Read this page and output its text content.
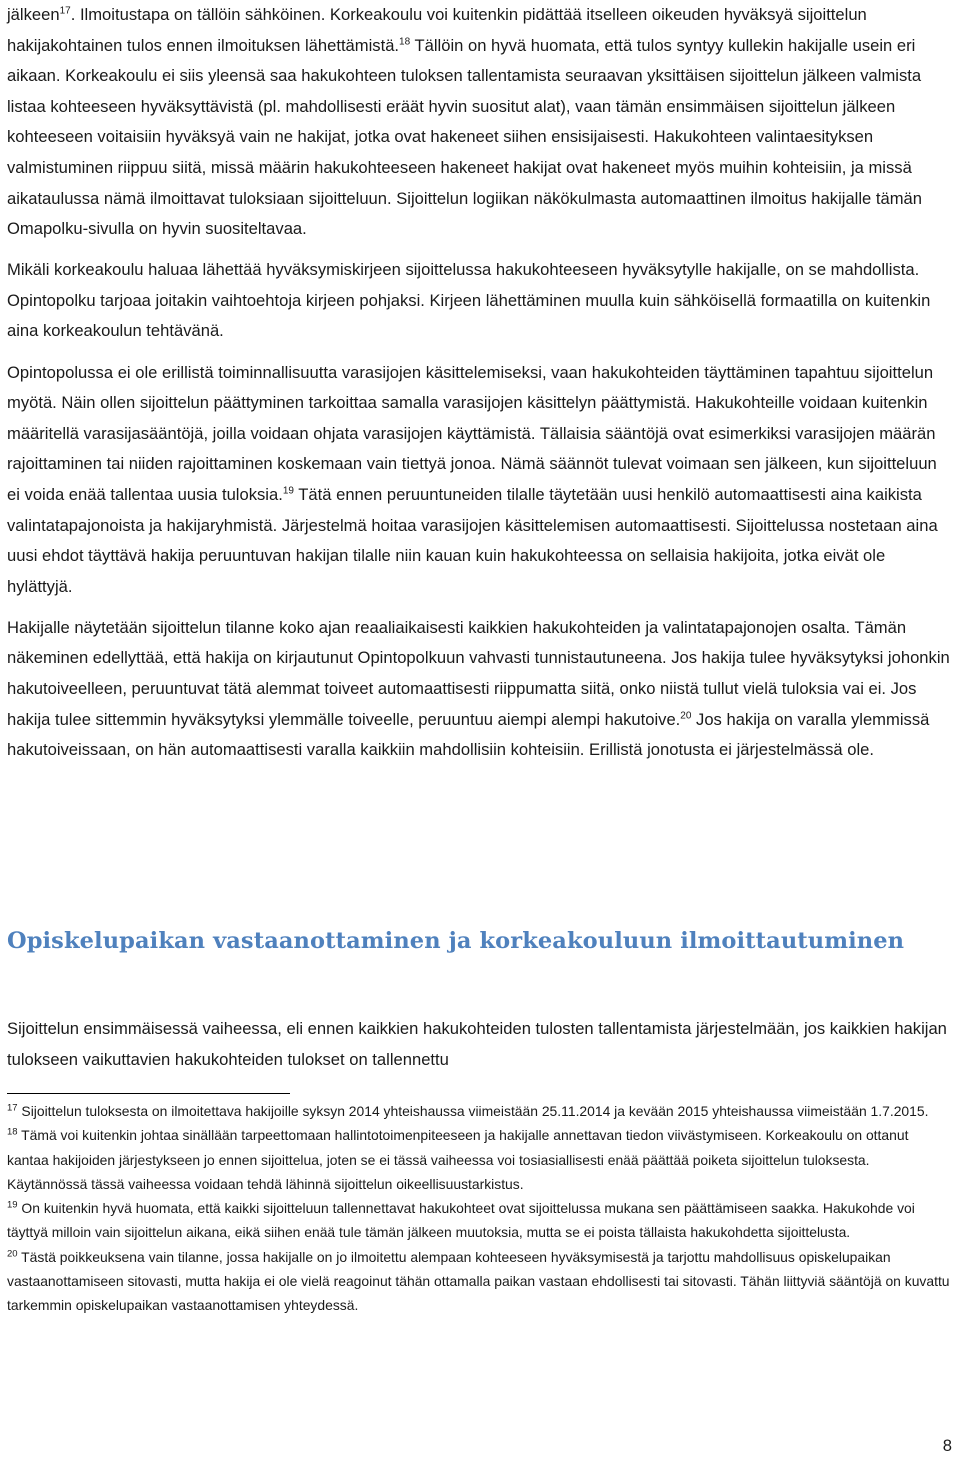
jälkeen$^{17}$. Ilmoitustapa on tällöin sähköinen. Korkeakoulu voi kuitenkin pidättää itselleen oikeuden hyväksyä sijoittelun hakijakohtainen tulos ennen ilmoituksen lähettämistä.$^{18}$ Tällöin on hyvä huomata, että tulos syntyy kullekin hakijalle usein eri aikaan. Korkeakoulu ei siis yleensä saa hakukohteen tuloksen tallentamista seuraavan yksittäisen sijoittelun jälkeen valmista listaa kohteeseen hyväksyttävistä (pl. mahdollisesti eräät hyvin suositut alat), vaan tämän ensimmäisen sijoittelun jälkeen kohteeseen voitaisiin hyväksyä vain ne hakijat, jotka ovat hakeneet siihen ensisijaisesti. Hakukohteen valintaesityksen valmistuminen riippuu siitä, missä määrin hakukohteeseen hakeneet hakijat ovat hakeneet myös muihin kohteisiin, ja missä aikataulussa nämä ilmoittavat tuloksiaan sijoitteluun. Sijoittelun logiikan näkökulmasta automaattinen ilmoitus hakijalle tämän Omapolku-sivulla on hyvin suositeltavaa.

Mikäli korkeakoulu haluaa lähettää hyväksymiskirjeen sijoittelussa hakukohteeseen hyväksytylle hakijalle, on se mahdollista. Opintopolku tarjoaa joitakin vaihtoehtoja kirjeen pohjaksi. Kirjeen lähettäminen muulla kuin sähköisellä formaatilla on kuitenkin aina korkeakoulun tehtävänä.

Opintopolussa ei ole erillistä toiminnallisuutta varasijojen käsittelemiseksi, vaan hakukohteiden täyttäminen tapahtuu sijoittelun myötä. Näin ollen sijoittelun päättyminen tarkoittaa samalla varasijojen käsittelyn päättymistä. Hakukohteille voidaan kuitenkin määritellä varasijasääntöjä, joilla voidaan ohjata varasijojen käyttämistä. Tällaisia sääntöjä ovat esimerkiksi varasijojen määrän rajoittaminen tai niiden rajoittaminen koskemaan vain tiettyä jonoa. Nämä säännöt tulevat voimaan sen jälkeen, kun sijoitteluun ei voida enää tallentaa uusia tuloksia.$^{19}$ Tätä ennen peruuntuneiden tilalle täytetään uusi henkilö automaattisesti aina kaikista valintatapajonoista ja hakijaryhmistä. Järjestelmä hoitaa varasijojen käsittelemisen automaattisesti. Sijoittelussa nostetaan aina uusi ehdot täyttävä hakija peruuntuvan hakijan tilalle niin kauan kuin hakukohteessa on sellaisia hakijoita, jotka eivät ole hylättyjä.

Hakijalle näytetään sijoittelun tilanne koko ajan reaaliaikaisesti kaikkien hakukohteiden ja valintatapajonojen osalta. Tämän näkeminen edellyttää, että hakija on kirjautunut Opintopolkuun vahvasti tunnistautuneena. Jos hakija tulee hyväksytyksi johonkin hakutoiveelleen, peruuntuvat tätä alemmat toiveet automaattisesti riippumatta siitä, onko niistä tullut vielä tuloksia vai ei. Jos hakija tulee sittemmin hyväksytyksi ylemmälle toiveelle, peruuntuu aiempi alempi hakutoive.$^{20}$ Jos hakija on varalla ylemmissä hakutoiveissaan, on hän automaattisesti varalla kaikkiin mahdollisiin kohteisiin. Erillistä jonotusta ei järjestelmässä ole.

Opiskelupaikan vastaanottaminen ja korkeakouluun ilmoittautuminen

Sijoittelun ensimmäisessä vaiheessa, eli ennen kaikkien hakukohteiden tulosten tallentamista järjestelmään, jos kaikkien hakijan tulokseen vaikuttavien hakukohteiden tulokset on tallennettu

$^{17}$ Sijoittelun tuloksesta on ilmoitettava hakijoille syksyn 2014 yhteishaussa viimeistään 25.11.2014 ja kevään 2015 yhteishaussa viimeistään 1.7.2015.

$^{18}$ Tämä voi kuitenkin johtaa sinällään tarpeettomaan hallintotoimenpiteeseen ja hakijalle annettavan tiedon viivästymiseen. Korkeakoulu on ottanut kantaa hakijoiden järjestykseen jo ennen sijoittelua, joten se ei tässä vaiheessa voi tosiasiallisesti enää päättää poiketa sijoittelun tuloksesta. Käytännössä tässä vaiheessa voidaan tehdä lähinnä sijoittelun oikeellisuustarkistus.

$^{19}$ On kuitenkin hyvä huomata, että kaikki sijoitteluun tallennettavat hakukohteet ovat sijoittelussa mukana sen päättämiseen saakka. Hakukohde voi täyttyä milloin vain sijoittelun aikana, eikä siihen enää tule tämän jälkeen muutoksia, mutta se ei poista tällaista hakukohdetta sijoittelusta.

$^{20}$ Tästä poikkeuksena vain tilanne, jossa hakijalle on jo ilmoitettu alempaan kohteeseen hyväksymisestä ja tarjottu mahdollisuus opiskelupaikan vastaanottamiseen sitovasti, mutta hakija ei ole vielä reagoinut tähän ottamalla paikan vastaan ehdollisesti tai sitovasti. Tähän liittyviä sääntöjä on kuvattu tarkemmin opiskelupaikan vastaanottamisen yhteydessä.

8
